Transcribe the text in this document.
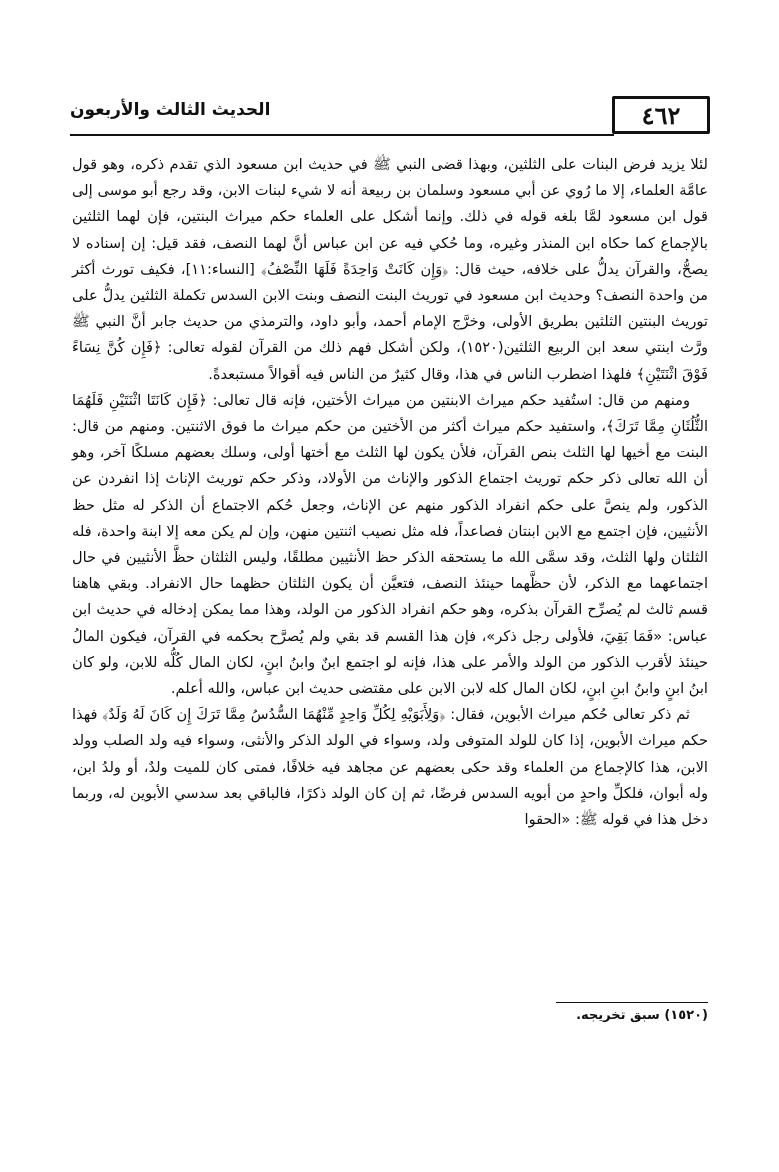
٤٦٢
الحديث الثالث والأربعون

لئلا يزيد فرض البنات على الثلثين، وبهذا قضى النبي ﷺ في حديث ابن مسعود الذي تقدم ذكره، وهو قول عامَّة العلماء، إلا ما رُوي عن أبي مسعود وسلمان بن ربيعة أنه لا شيء لبنات الابن، وقد رجع أبو موسى إلى قول ابن مسعود لمَّا بلغه قوله في ذلك. وإنما أشكل على العلماء حكم ميراث البنتين، فإن لهما الثلثين بالإجماع كما حكاه ابن المنذر وغيره، وما حُكي فيه عن ابن عباس أنَّ لهما النصف، فقد قيل: إن إسناده لا يصحُّ، والقرآن يدلُّ على خلافه، حيث قال: ﴿وَإِن كَانَتْ وَاحِدَةً فَلَهَا النِّصْفُ﴾ [النساء:١١]، فكيف تورث أكثر من واحدة النصف؟ وحديث ابن مسعود في توريث البنت النصف وبنت الابن السدس تكملة الثلثين يدلُّ على توريث البنتين الثلثين بطريق الأولى، وخرَّج الإمام أحمد، وأبو داود، والترمذي من حديث جابر أنَّ النبي ﷺ ورَّث ابنتي سعد ابن الربيع الثلثين(١٥٢٠)، ولكن أشكل فهم ذلك من القرآن لقوله تعالى: ﴿فَإِن كُنَّ نِسَاءً فَوْقَ اثْنَتَيْنِ﴾ فلهذا اضطرب الناس في هذا، وقال كثيرٌ من الناس فيه أقوالاً مستبعدةً.

ومنهم من قال: استُفيد حكم ميراث الابنتين من ميراث الأختين، فإنه قال تعالى: ﴿فَإِن كَانَتَا اثْنَتَيْنِ فَلَهُمَا الثُّلُثَانِ مِمَّا تَرَكَ﴾، واستفيد حكم ميراث أكثر من الأختين من حكم ميراث ما فوق الاثنتين. ومنهم من قال: البنت مع أخيها لها الثلث بنص القرآن، فلأن يكون لها الثلث مع أختها أولى، وسلك بعضهم مسلكًا آخر، وهو أن الله تعالى ذكر حكم توريث اجتماع الذكور والإناث من الأولاد، وذكر حكم توريث الإناث إذا انفردن عن الذكور، ولم ينصَّ على حكم انفراد الذكور منهم عن الإناث، وجعل حُكم الاجتماع أن الذكر له مثل حظ الأنثيين، فإن اجتمع مع الابن ابنتان فصاعداً، فله مثل نصيب اثنتين منهن، وإن لم يكن معه إلا ابنة واحدة، فله الثلثان ولها الثلث، وقد سمَّى الله ما يستحقه الذكر حظ الأنثيين مطلقًا، وليس الثلثان حظَّ الأنثيين في حال اجتماعهما مع الذكر، لأن حظَّهما حينئذ النصف، فتعيَّن أن يكون الثلثان حظهما حال الانفراد. وبقي هاهنا قسم ثالث لم يُصرِّح القرآن بذكره، وهو حكم انفراد الذكور من الولد، وهذا مما يمكن إدخاله في حديث ابن عباس: «فَمَا بَقِيَ، فلأولى رجل ذكر»، فإن هذا القسم قد بقي ولم يُصرَّح بحكمه في القرآن، فيكون المالُ حينئذ لأقرب الذكور من الولد والأمر على هذا، فإنه لو اجتمع ابنٌ وابنُ ابنٍ، لكان المال كُلُّه للابن، ولو كان ابنُ ابنٍ وابنُ ابنِ ابنٍ، لكان المال كله لابن الابن على مقتضى حديث ابن عباس، والله أعلم.

ثم ذكر تعالى حُكم ميراث الأبوين، فقال: ﴿وَلِأَبَوَيْهِ لِكُلِّ وَاحِدٍ مِّنْهُمَا السُّدُسُ مِمَّا تَرَكَ إِن كَانَ لَهُ وَلَدٌ﴾ فهذا حكم ميراث الأبوين، إذا كان للولد المتوفى ولد، وسواء في الولد الذكر والأنثى، وسواء فيه ولد الصلب وولد الابن، هذا كالإجماع من العلماء وقد حكى بعضهم عن مجاهد فيه خلافًا، فمتى كان للميت ولدٌ، أو ولدُ ابن، وله أبوان، فلكلِّ واحدٍ من أبويه السدس فرضًا، ثم إن كان الولد ذكرًا، فالباقي بعد سدسي الأبوين له، وربما دخل هذا في قوله ﷺ: «الحقوا

(١٥٢٠) سبق تخريجه.
